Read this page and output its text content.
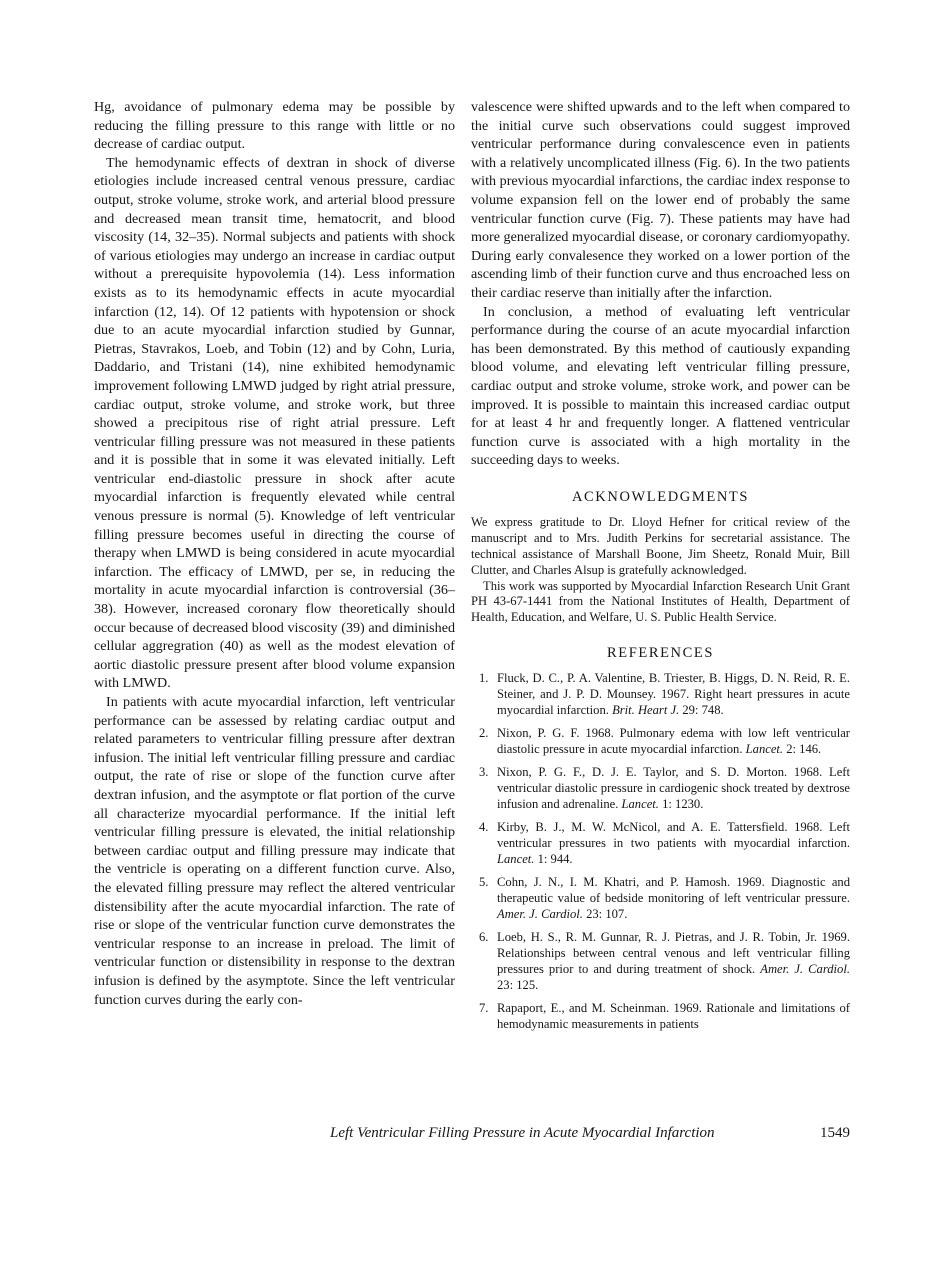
Hg, avoidance of pulmonary edema may be possible by reducing the filling pressure to this range with little or no decrease of cardiac output.

The hemodynamic effects of dextran in shock of diverse etiologies include increased central venous pressure, cardiac output, stroke volume, stroke work, and arterial blood pressure and decreased mean transit time, hematocrit, and blood viscosity (14, 32–35). Normal subjects and patients with shock of various etiologies may undergo an increase in cardiac output without a prerequisite hypovolemia (14). Less information exists as to its hemodynamic effects in acute myocardial infarction (12, 14). Of 12 patients with hypotension or shock due to an acute myocardial infarction studied by Gunnar, Pietras, Stavrakos, Loeb, and Tobin (12) and by Cohn, Luria, Daddario, and Tristani (14), nine exhibited hemodynamic improvement following LMWD judged by right atrial pressure, cardiac output, stroke volume, and stroke work, but three showed a precipitous rise of right atrial pressure. Left ventricular filling pressure was not measured in these patients and it is possible that in some it was elevated initially. Left ventricular end-diastolic pressure in shock after acute myocardial infarction is frequently elevated while central venous pressure is normal (5). Knowledge of left ventricular filling pressure becomes useful in directing the course of therapy when LMWD is being considered in acute myocardial infarction. The efficacy of LMWD, per se, in reducing the mortality in acute myocardial infarction is controversial (36–38). However, increased coronary flow theoretically should occur because of decreased blood viscosity (39) and diminished cellular aggregration (40) as well as the modest elevation of aortic diastolic pressure present after blood volume expansion with LMWD.

In patients with acute myocardial infarction, left ventricular performance can be assessed by relating cardiac output and related parameters to ventricular filling pressure after dextran infusion. The initial left ventricular filling pressure and cardiac output, the rate of rise or slope of the function curve after dextran infusion, and the asymptote or flat portion of the curve all characterize myocardial performance. If the initial left ventricular filling pressure is elevated, the initial relationship between cardiac output and filling pressure may indicate that the ventricle is operating on a different function curve. Also, the elevated filling pressure may reflect the altered ventricular distensibility after the acute myocardial infarction. The rate of rise or slope of the ventricular function curve demonstrates the ventricular response to an increase in preload. The limit of ventricular function or distensibility in response to the dextran infusion is defined by the asymptote. Since the left ventricular function curves during the early con-

valescence were shifted upwards and to the left when compared to the initial curve such observations could suggest improved ventricular performance during convalescence even in patients with a relatively uncomplicated illness (Fig. 6). In the two patients with previous myocardial infarctions, the cardiac index response to volume expansion fell on the lower end of probably the same ventricular function curve (Fig. 7). These patients may have had more generalized myocardial disease, or coronary cardiomyopathy. During early convalesence they worked on a lower portion of the ascending limb of their function curve and thus encroached less on their cardiac reserve than initially after the infarction.

In conclusion, a method of evaluating left ventricular performance during the course of an acute myocardial infarction has been demonstrated. By this method of cautiously expanding blood volume, and elevating left ventricular filling pressure, cardiac output and stroke volume, stroke work, and power can be improved. It is possible to maintain this increased cardiac output for at least 4 hr and frequently longer. A flattened ventricular function curve is associated with a high mortality in the succeeding days to weeks.

ACKNOWLEDGMENTS

We express gratitude to Dr. Lloyd Hefner for critical review of the manuscript and to Mrs. Judith Perkins for secretarial assistance. The technical assistance of Marshall Boone, Jim Sheetz, Ronald Muir, Bill Clutter, and Charles Alsup is gratefully acknowledged.

This work was supported by Myocardial Infarction Research Unit Grant PH 43-67-1441 from the National Institutes of Health, Department of Health, Education, and Welfare, U. S. Public Health Service.

REFERENCES
1. Fluck, D. C., P. A. Valentine, B. Triester, B. Higgs, D. N. Reid, R. E. Steiner, and J. P. D. Mounsey. 1967. Right heart pressures in acute myocardial infarction. Brit. Heart J. 29: 748.
2. Nixon, P. G. F. 1968. Pulmonary edema with low left ventricular diastolic pressure in acute myocardial infarction. Lancet. 2: 146.
3. Nixon, P. G. F., D. J. E. Taylor, and S. D. Morton. 1968. Left ventricular diastolic pressure in cardiogenic shock treated by dextrose infusion and adrenaline. Lancet. 1: 1230.
4. Kirby, B. J., M. W. McNicol, and A. E. Tattersfield. 1968. Left ventricular pressures in two patients with myocardial infarction. Lancet. 1: 944.
5. Cohn, J. N., I. M. Khatri, and P. Hamosh. 1969. Diagnostic and therapeutic value of bedside monitoring of left ventricular pressure. Amer. J. Cardiol. 23: 107.
6. Loeb, H. S., R. M. Gunnar, R. J. Pietras, and J. R. Tobin, Jr. 1969. Relationships between central venous and left ventricular filling pressures prior to and during treatment of shock. Amer. J. Cardiol. 23: 125.
7. Rapaport, E., and M. Scheinman. 1969. Rationale and limitations of hemodynamic measurements in patients
Left Ventricular Filling Pressure in Acute Myocardial Infarction	1549
